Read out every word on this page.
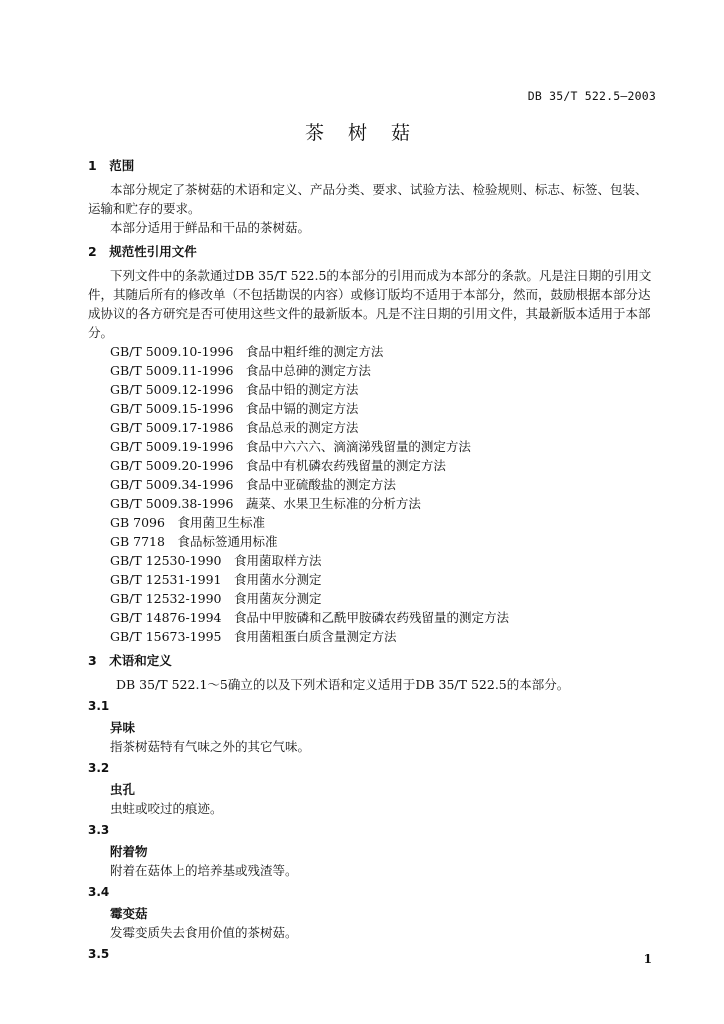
DB 35/T 522.5—2003
茶 树 菇
1　范围
本部分规定了茶树菇的术语和定义、产品分类、要求、试验方法、检验规则、标志、标签、包装、
运输和贮存的要求。
本部分适用于鲜品和干品的茶树菇。
2　规范性引用文件
下列文件中的条款通过DB 35/T 522.5的本部分的引用而成为本部分的条款。凡是注日期的引用文
件，其随后所有的修改单（不包括勘误的内容）或修订版均不适用于本部分，然而，鼓励根据本部分达
成协议的各方研究是否可使用这些文件的最新版本。凡是不注日期的引用文件，其最新版本适用于本部
分。
GB/T 5009.10-1996　食品中粗纤维的测定方法
GB/T 5009.11-1996　食品中总砷的测定方法
GB/T 5009.12-1996　食品中铅的测定方法
GB/T 5009.15-1996　食品中镉的测定方法
GB/T 5009.17-1986　食品总汞的测定方法
GB/T 5009.19-1996　食品中六六六、滴滴涕残留量的测定方法
GB/T 5009.20-1996　食品中有机磷农药残留量的测定方法
GB/T 5009.34-1996　食品中亚硫酸盐的测定方法
GB/T 5009.38-1996　蔬菜、水果卫生标准的分析方法
GB 7096　食用菌卫生标准
GB 7718　食品标签通用标准
GB/T 12530-1990　食用菌取样方法
GB/T 12531-1991　食用菌水分测定
GB/T 12532-1990　食用菌灰分测定
GB/T 14876-1994　食品中甲胺磷和乙酰甲胺磷农药残留量的测定方法
GB/T 15673-1995　食用菌粗蛋白质含量测定方法
3　术语和定义
DB 35/T 522.1～5确立的以及下列术语和定义适用于DB 35/T 522.5的本部分。
3.1
异味
指茶树菇特有气味之外的其它气味。
3.2
虫孔
虫蛀或咬过的痕迹。
3.3
附着物
附着在菇体上的培养基或残渣等。
3.4
霉变菇
发霉变质失去食用价值的茶树菇。
3.5	1
